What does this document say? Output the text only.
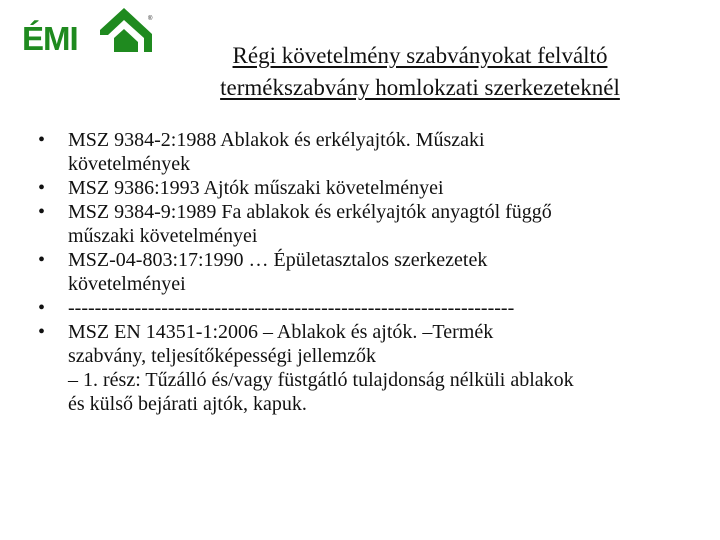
ÉMI
®
Régi követelmény szabványokat felváltó
termékszabvány homlokzati szerkezeteknél
• MSZ 9384-2:1988 Ablakok és erkélyajtók. Műszaki
követelmények
• MSZ 9386:1993 Ajtók műszaki követelményei
• MSZ 9384-9:1989 Fa ablakok és erkélyajtók anyagtól függő
műszaki követelményei
• MSZ-04-803:17:1990 … Épületasztalos szerkezetek
követelményei
• -------------------------------------------------------------------
• MSZ EN 14351-1:2006 – Ablakok és ajtók. –Termék
szabvány, teljesítőképességi jellemzők
– 1. rész: Tűzálló és/vagy füstgátló tulajdonság nélküli ablakok
és külső bejárati ajtók, kapuk.
